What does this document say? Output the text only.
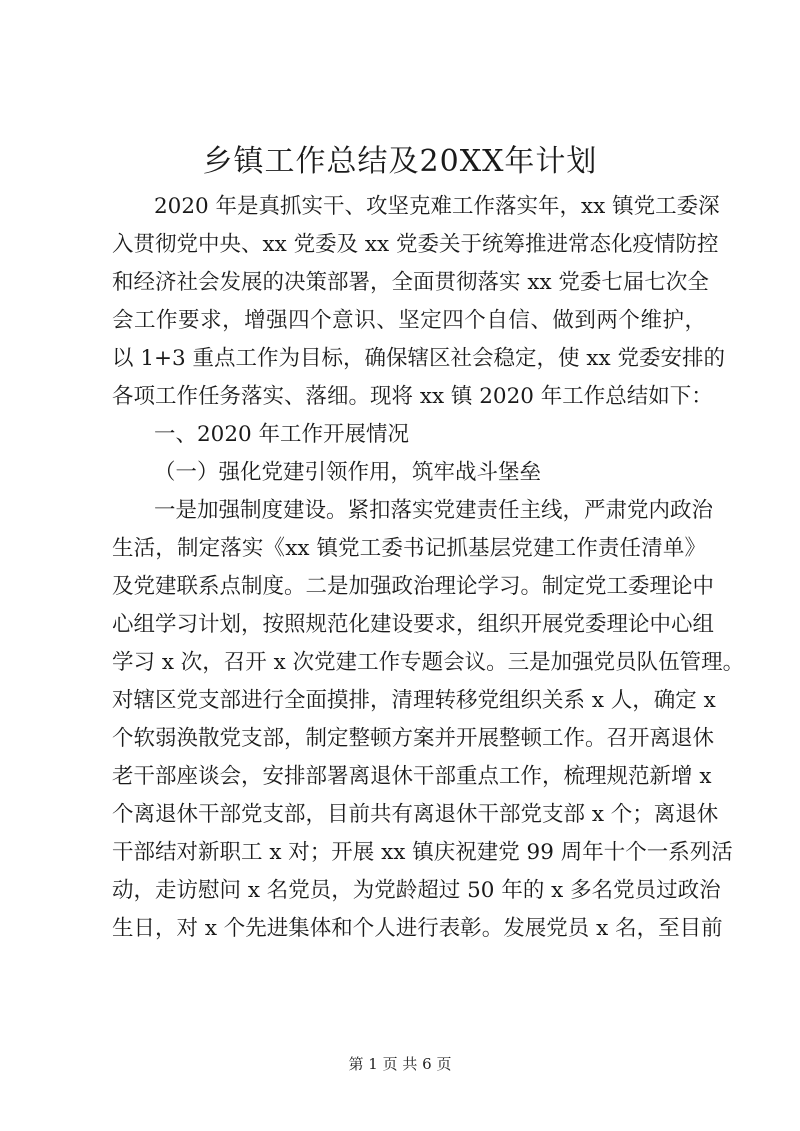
乡镇工作总结及20XX年计划
2020 年是真抓实干、攻坚克难工作落实年，xx 镇党工委深
入贯彻党中央、xx 党委及 xx 党委关于统筹推进常态化疫情防控
和经济社会发展的决策部署，全面贯彻落实 xx 党委七届七次全
会工作要求，增强四个意识、坚定四个自信、做到两个维护，
以 1+3 重点工作为目标，确保辖区社会稳定，使 xx 党委安排的
各项工作任务落实、落细。现将 xx 镇 2020 年工作总结如下：
一、2020 年工作开展情况
（一）强化党建引领作用，筑牢战斗堡垒
一是加强制度建设。紧扣落实党建责任主线，严肃党内政治
生活，制定落实《xx 镇党工委书记抓基层党建工作责任清单》
及党建联系点制度。二是加强政治理论学习。制定党工委理论中
心组学习计划，按照规范化建设要求，组织开展党委理论中心组
学习 x 次，召开 x 次党建工作专题会议。三是加强党员队伍管理。
对辖区党支部进行全面摸排，清理转移党组织关系 x 人，确定 x
个软弱涣散党支部，制定整顿方案并开展整顿工作。召开离退休
老干部座谈会，安排部署离退休干部重点工作，梳理规范新增 x
个离退休干部党支部，目前共有离退休干部党支部 x 个；离退休
干部结对新职工 x 对；开展 xx 镇庆祝建党 99 周年十个一系列活
动，走访慰问 x 名党员，为党龄超过 50 年的 x 多名党员过政治
生日，对 x 个先进集体和个人进行表彰。发展党员 x 名，至目前
第 1 页 共 6 页
